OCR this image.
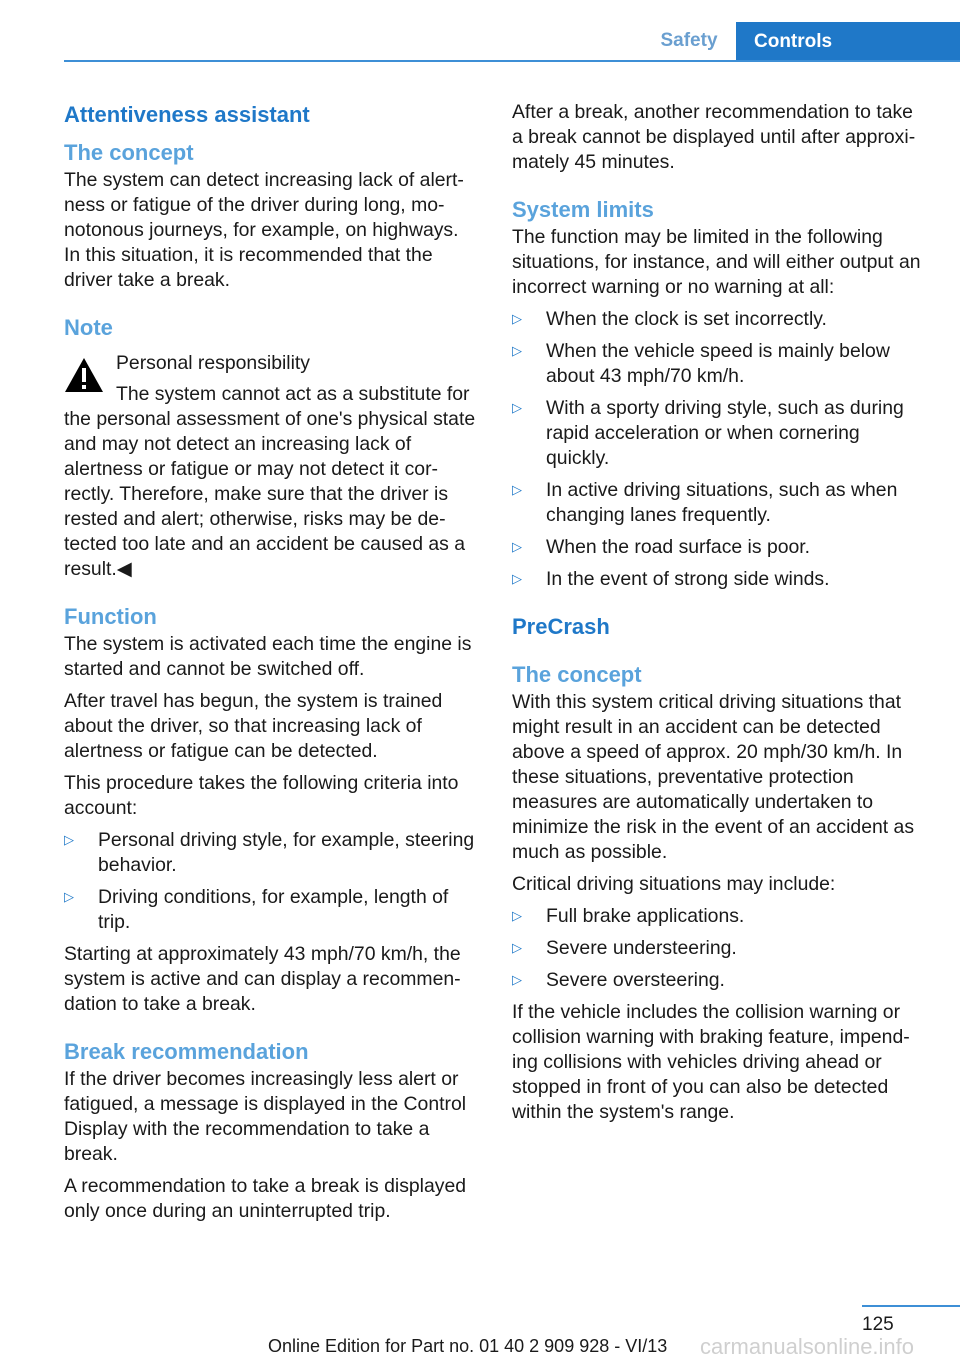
Safety	Controls
Attentiveness assistant
The concept

The system can detect increasing lack of alertness or fatigue of the driver during long, monotonous journeys, for example, on highways. In this situation, it is recommended that the driver take a break.

Note

Personal responsibility

The system cannot act as a substitute for

the personal assessment of one's physical state and may not detect an increasing lack of alertness or fatigue or may not detect it correctly. Therefore, make sure that the driver is rested and alert; otherwise, risks may be detected too late and an accident be caused as a result.◀

Function

The system is activated each time the engine is started and cannot be switched off.

After travel has begun, the system is trained about the driver, so that increasing lack of alertness or fatigue can be detected.

This procedure takes the following criteria into account:

▷ Personal driving style, for example, steering behavior.
▷ Driving conditions, for example, length of trip.

Starting at approximately 43 mph/70 km/h, the system is active and can display a recommendation to take a break.

Break recommendation

If the driver becomes increasingly less alert or fatigued, a message is displayed in the Control Display with the recommendation to take a break.

A recommendation to take a break is displayed only once during an uninterrupted trip.

After a break, another recommendation to take a break cannot be displayed until after approximately 45 minutes.

System limits

The function may be limited in the following situations, for instance, and will either output an incorrect warning or no warning at all:

▷ When the clock is set incorrectly.
▷ When the vehicle speed is mainly below about 43 mph/70 km/h.
▷ With a sporty driving style, such as during rapid acceleration or when cornering quickly.
▷ In active driving situations, such as when changing lanes frequently.
▷ When the road surface is poor.
▷ In the event of strong side winds.
PreCrash
The concept

With this system critical driving situations that might result in an accident can be detected above a speed of approx. 20 mph/30 km/h. In these situations, preventative protection measures are automatically undertaken to minimize the risk in the event of an accident as much as possible.

Critical driving situations may include:

▷ Full brake applications.
▷ Severe understeering.
▷ Severe oversteering.

If the vehicle includes the collision warning or collision warning with braking feature, impending collisions with vehicles driving ahead or stopped in front of you can also be detected within the system's range.

125
Online Edition for Part no. 01 40 2 909 928 - VI/13 carmanualsonline.info
